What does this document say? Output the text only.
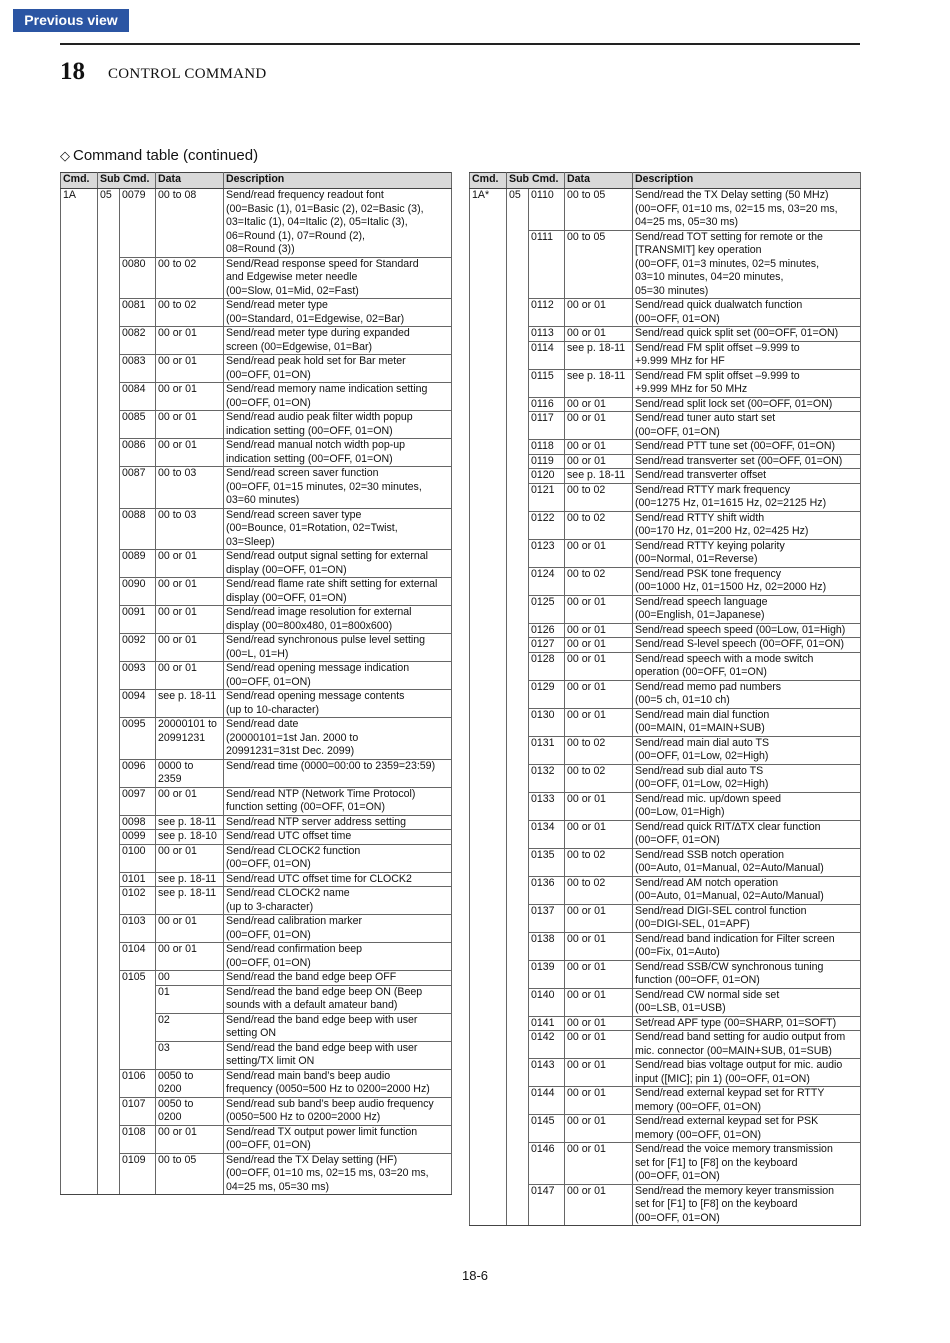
Previous view
18 CONTROL COMMAND
◇ Command table (continued)
Cmd.	Sub Cmd.		Data	Description
1A	05	0079	00 to 08	Send/read frequency readout font
(00=Basic (1), 01=Basic (2), 02=Basic (3),
03=Italic (1), 04=Italic (2), 05=Italic (3),
06=Round (1), 07=Round (2),
08=Round (3))
		0080	00 to 02	Send/Read response speed for Standard
and Edgewise meter needle
(00=Slow, 01=Mid, 02=Fast)
		0081	00 to 02	Send/read meter type
(00=Standard, 01=Edgewise, 02=Bar)
		0082	00 or 01	Send/read meter type during expanded
screen (00=Edgewise, 01=Bar)
		0083	00 or 01	Send/read peak hold set for Bar meter
(00=OFF, 01=ON)
		0084	00 or 01	Send/read memory name indication setting
(00=OFF, 01=ON)
		0085	00 or 01	Send/read audio peak filter width popup
indication setting (00=OFF, 01=ON)
		0086	00 or 01	Send/read manual notch width pop-up
indication setting (00=OFF, 01=ON)
		0087	00 to 03	Send/read screen saver function
(00=OFF, 01=15 minutes, 02=30 minutes,
03=60 minutes)
		0088	00 to 03	Send/read screen saver type
(00=Bounce, 01=Rotation, 02=Twist,
03=Sleep)
		0089	00 or 01	Send/read output signal setting for external
display (00=OFF, 01=ON)
		0090	00 or 01	Send/read flame rate shift setting for external
display (00=OFF, 01=ON)
		0091	00 or 01	Send/read image resolution for external
display (00=800x480, 01=800x600)
		0092	00 or 01	Send/read synchronous pulse level setting
(00=L, 01=H)
		0093	00 or 01	Send/read opening message indication
(00=OFF, 01=ON)
		0094	see p. 18-11	Send/read opening message contents
(up to 10-character)
		0095	20000101 to
20991231	Send/read date
(20000101=1st Jan. 2000 to
20991231=31st Dec. 2099)
		0096	0000 to
2359	Send/read time (0000=00:00 to 2359=23:59)
		0097	00 or 01	Send/read NTP (Network Time Protocol)
function setting (00=OFF, 01=ON)
		0098	see p. 18-11	Send/read NTP server address setting
		0099	see p. 18-10	Send/read UTC offset time
		0100	00 or 01	Send/read CLOCK2 function
(00=OFF, 01=ON)
		0101	see p. 18-11	Send/read UTC offset time for CLOCK2
		0102	see p. 18-11	Send/read CLOCK2 name
(up to 3-character)
		0103	00 or 01	Send/read calibration marker
(00=OFF, 01=ON)
		0104	00 or 01	Send/read confirmation beep
(00=OFF, 01=ON)
		0105	00	Send/read the band edge beep OFF
			01	Send/read the band edge beep ON (Beep
sounds with a default amateur band)
			02	Send/read the band edge beep with user
setting ON
			03	Send/read the band edge beep with user
setting/TX limit ON
		0106	0050 to
0200	Send/read main band’s beep audio
frequency (0050=500 Hz to 0200=2000 Hz)
		0107	0050 to
0200	Send/read sub band’s beep audio frequency
(0050=500 Hz to 0200=2000 Hz)
		0108	00 or 01	Send/read TX output power limit function
(00=OFF, 01=ON)
		0109	00 to 05	Send/read the TX Delay setting (HF)
(00=OFF, 01=10 ms, 02=15 ms, 03=20 ms,
04=25 ms, 05=30 ms)
Cmd.	Sub Cmd.		Data	Description
1A*	05	0110	00 to 05	Send/read the TX Delay setting (50 MHz)
(00=OFF, 01=10 ms, 02=15 ms, 03=20 ms,
04=25 ms, 05=30 ms)
		0111	00 to 05	Send/read TOT setting for remote or the
[TRANSMIT] key operation
(00=OFF, 01=3 minutes, 02=5 minutes,
03=10 minutes, 04=20 minutes,
05=30 minutes)
		0112	00 or 01	Send/read quick dualwatch function
(00=OFF, 01=ON)
		0113	00 or 01	Send/read quick split set (00=OFF, 01=ON)
		0114	see p. 18-11	Send/read FM split offset –9.999 to
+9.999 MHz for HF
		0115	see p. 18-11	Send/read FM split offset –9.999 to
+9.999 MHz for 50 MHz
		0116	00 or 01	Send/read split lock set (00=OFF, 01=ON)
		0117	00 or 01	Send/read tuner auto start set
(00=OFF, 01=ON)
		0118	00 or 01	Send/read PTT tune set (00=OFF, 01=ON)
		0119	00 or 01	Send/read transverter set (00=OFF, 01=ON)
		0120	see p. 18-11	Send/read transverter offset
		0121	00 to 02	Send/read RTTY mark frequency
(00=1275 Hz, 01=1615 Hz, 02=2125 Hz)
		0122	00 to 02	Send/read RTTY shift width
(00=170 Hz, 01=200 Hz, 02=425 Hz)
		0123	00 or 01	Send/read RTTY keying polarity
(00=Normal, 01=Reverse)
		0124	00 to 02	Send/read PSK tone frequency
(00=1000 Hz, 01=1500 Hz, 02=2000 Hz)
		0125	00 or 01	Send/read speech language
(00=English, 01=Japanese)
		0126	00 or 01	Send/read speech speed (00=Low, 01=High)
		0127	00 or 01	Send/read S-level speech (00=OFF, 01=ON)
		0128	00 or 01	Send/read speech with a mode switch
operation (00=OFF, 01=ON)
		0129	00 or 01	Send/read memo pad numbers
(00=5 ch, 01=10 ch)
		0130	00 or 01	Send/read main dial function
(00=MAIN, 01=MAIN+SUB)
		0131	00 to 02	Send/read main dial auto TS
(00=OFF, 01=Low, 02=High)
		0132	00 to 02	Send/read sub dial auto TS
(00=OFF, 01=Low, 02=High)
		0133	00 or 01	Send/read mic. up/down speed
(00=Low, 01=High)
		0134	00 or 01	Send/read quick RIT/∆TX clear function
(00=OFF, 01=ON)
		0135	00 to 02	Send/read SSB notch operation
(00=Auto, 01=Manual, 02=Auto/Manual)
		0136	00 to 02	Send/read AM notch operation
(00=Auto, 01=Manual, 02=Auto/Manual)
		0137	00 or 01	Send/read DIGI-SEL control function
(00=DIGI-SEL, 01=APF)
		0138	00 or 01	Send/read band indication for Filter screen
(00=Fix, 01=Auto)
		0139	00 or 01	Send/read SSB/CW synchronous tuning
function (00=OFF, 01=ON)
		0140	00 or 01	Send/read CW normal side set
(00=LSB, 01=USB)
		0141	00 or 01	Set/read APF type (00=SHARP, 01=SOFT)
		0142	00 or 01	Send/read band setting for audio output from
mic. connector (00=MAIN+SUB, 01=SUB)
		0143	00 or 01	Send/read bias voltage output for mic. audio
input ([MIC]; pin 1) (00=OFF, 01=ON)
		0144	00 or 01	Send/read external keypad set for RTTY
memory (00=OFF, 01=ON)
		0145	00 or 01	Send/read external keypad set for PSK
memory (00=OFF, 01=ON)
		0146	00 or 01	Send/read the voice memory transmission
set for [F1] to [F8] on the keyboard
(00=OFF, 01=ON)
		0147	00 or 01	Send/read the memory keyer transmission
set for [F1] to [F8] on the keyboard
(00=OFF, 01=ON)
18-6
